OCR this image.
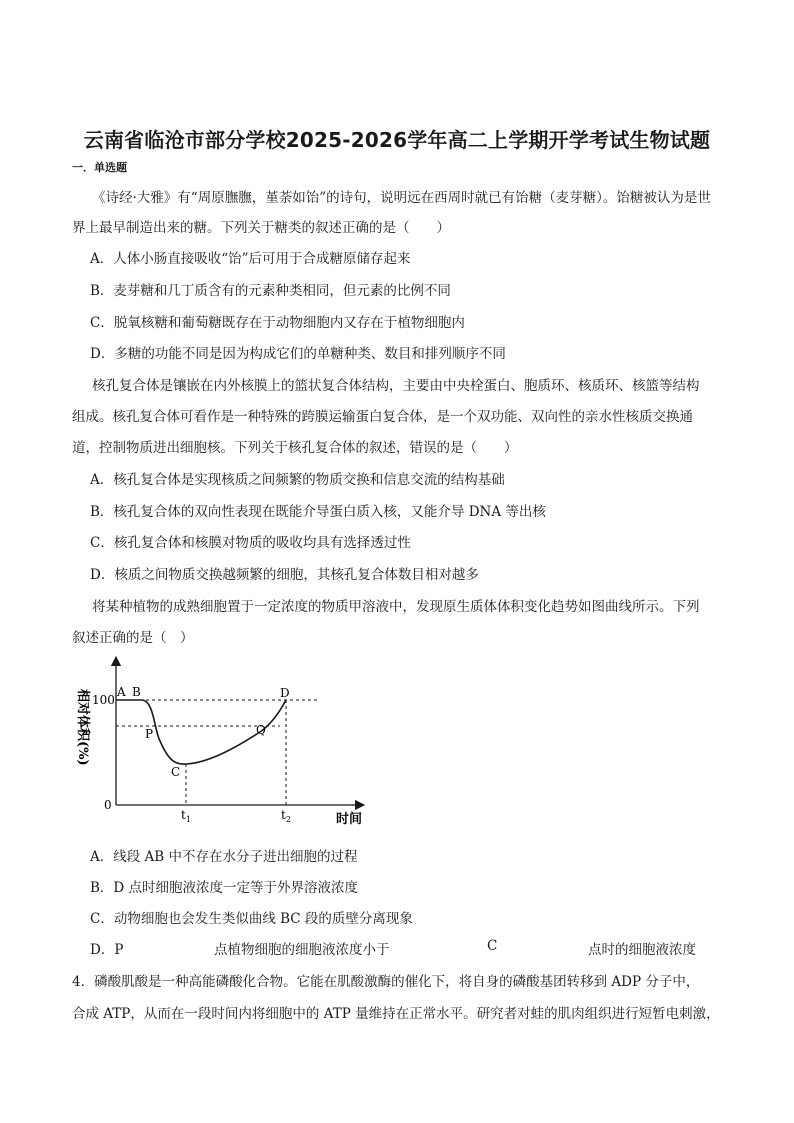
云南省临沧市部分学校2025-2026学年高二上学期开学考试生物试题
一．单选题
《诗经·大雅》有“周原膴膴，堇荼如饴”的诗句，说明远在西周时就已有饴糖（麦芽糖）。饴糖被认为是世
界上最早制造出来的糖。下列关于糖类的叙述正确的是（　　）
A．人体小肠直接吸收“饴”后可用于合成糖原储存起来
B．麦芽糖和几丁质含有的元素种类相同，但元素的比例不同
C．脱氧核糖和葡萄糖既存在于动物细胞内又存在于植物细胞内
D．多糖的功能不同是因为构成它们的单糖种类、数目和排列顺序不同
核孔复合体是镶嵌在内外核膜上的篮状复合体结构，主要由中央栓蛋白、胞质环、核质环、核篮等结构
组成。核孔复合体可看作是一种特殊的跨膜运输蛋白复合体，是一个双功能、双向性的亲水性核质交换通
道，控制物质进出细胞核。下列关于核孔复合体的叙述，错误的是（　　）
A．核孔复合体是实现核质之间频繁的物质交换和信息交流的结构基础
B．核孔复合体的双向性表现在既能介导蛋白质入核，又能介导 DNA 等出核
C．核孔复合体和核膜对物质的吸收均具有选择透过性
D．核质之间物质交换越频繁的细胞，其核孔复合体数目相对越多
将某种植物的成熟细胞置于一定浓度的物质甲溶液中，发现原生质体体积变化趋势如图曲线所示。下列
叙述正确的是（　）
100
0
A B
P
C
Q
D
$t_1$	$t_2$	时间
相对体积(%)
A．线段 AB 中不存在水分子进出细胞的过程
B．D 点时细胞液浓度一定等于外界溶液浓度
C．动物细胞也会发生类似曲线 BC 段的质壁分离现象
D．P	点植物细胞的细胞液浓度小于	C	点时的细胞液浓度
4．磷酸肌酸是一种高能磷酸化合物。它能在肌酸激酶的催化下，将自身的磷酸基团转移到 ADP 分子中，
合成 ATP，从而在一段时间内将细胞中的 ATP 量维持在正常水平。研究者对蛙的肌肉组织进行短暂电刺激，
